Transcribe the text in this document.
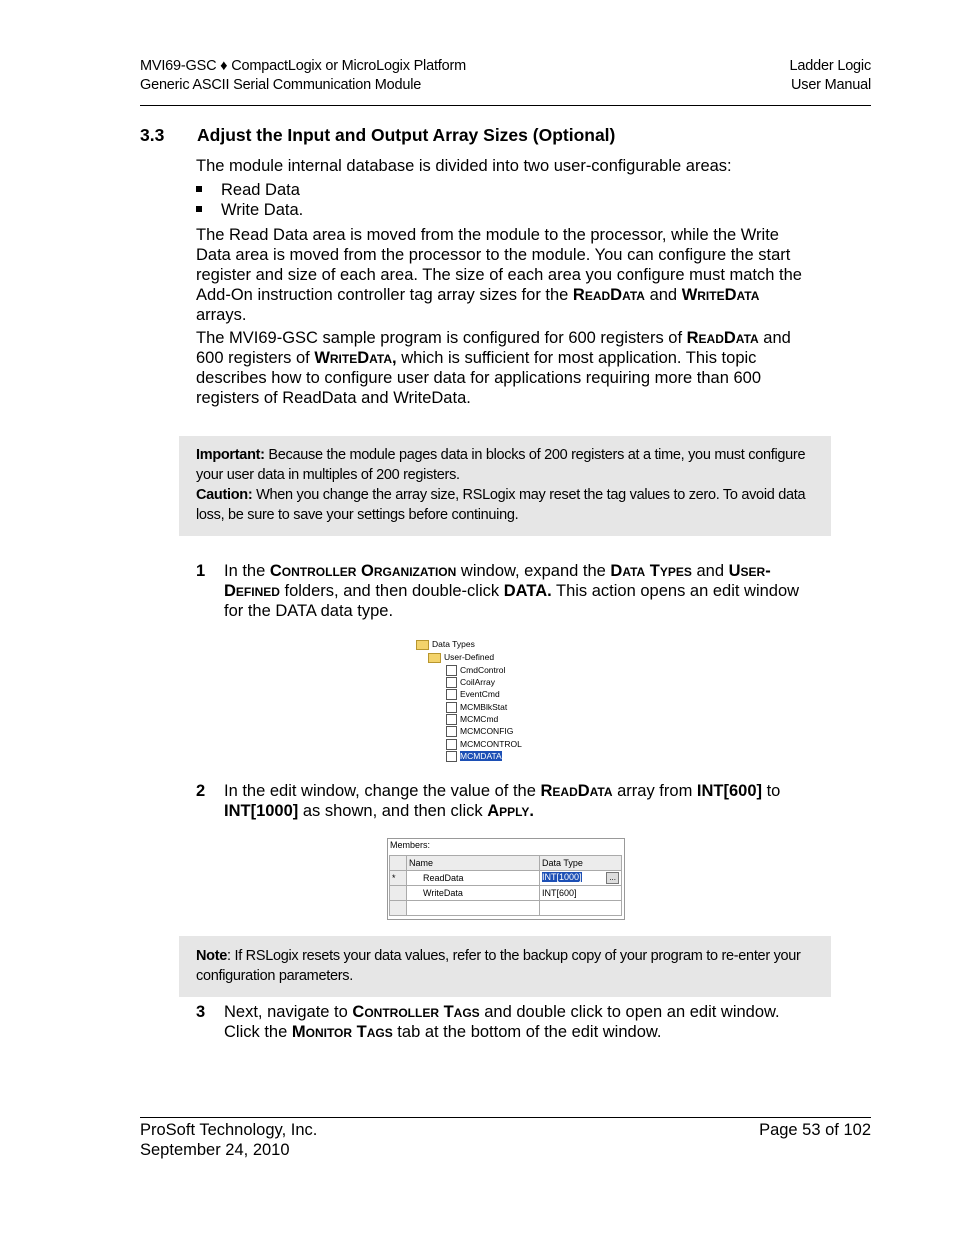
MVI69-GSC ♦ CompactLogix or MicroLogix Platform
Generic ASCII Serial Communication Module
Ladder Logic
User Manual
3.3 Adjust the Input and Output Array Sizes (Optional)
The module internal database is divided into two user-configurable areas:
Read Data
Write Data.
The Read Data area is moved from the module to the processor, while the Write Data area is moved from the processor to the module. You can configure the start register and size of each area. The size of each area you configure must match the Add-On instruction controller tag array sizes for the ReadData and WriteData arrays.
The MVI69-GSC sample program is configured for 600 registers of ReadData and 600 registers of WriteData, which is sufficient for most application. This topic describes how to configure user data for applications requiring more than 600 registers of ReadData and WriteData.
Important: Because the module pages data in blocks of 200 registers at a time, you must configure your user data in multiples of 200 registers.
Caution: When you change the array size, RSLogix may reset the tag values to zero. To avoid data loss, be sure to save your settings before continuing.
1 In the Controller Organization window, expand the Data Types and User-Defined folders, and then double-click DATA. This action opens an edit window for the DATA data type.
Data Types
User-Defined
CmdControl
CoilArray
EventCmd
MCMBlkStat
MCMCmd
MCMCONFIG
MCMCONTROL
MCMDATA
2 In the edit window, change the value of the ReadData array from INT[600] to INT[1000] as shown, and then click Apply.
Members:
	Name	Data Type
*	ReadData	INT[1000] ...

	WriteData	INT[600]

Note: If RSLogix resets your data values, refer to the backup copy of your program to re-enter your configuration parameters.
3 Next, navigate to Controller Tags and double click to open an edit window. Click the Monitor Tags tab at the bottom of the edit window.
ProSoft Technology, Inc.
September 24, 2010
Page 53 of 102
